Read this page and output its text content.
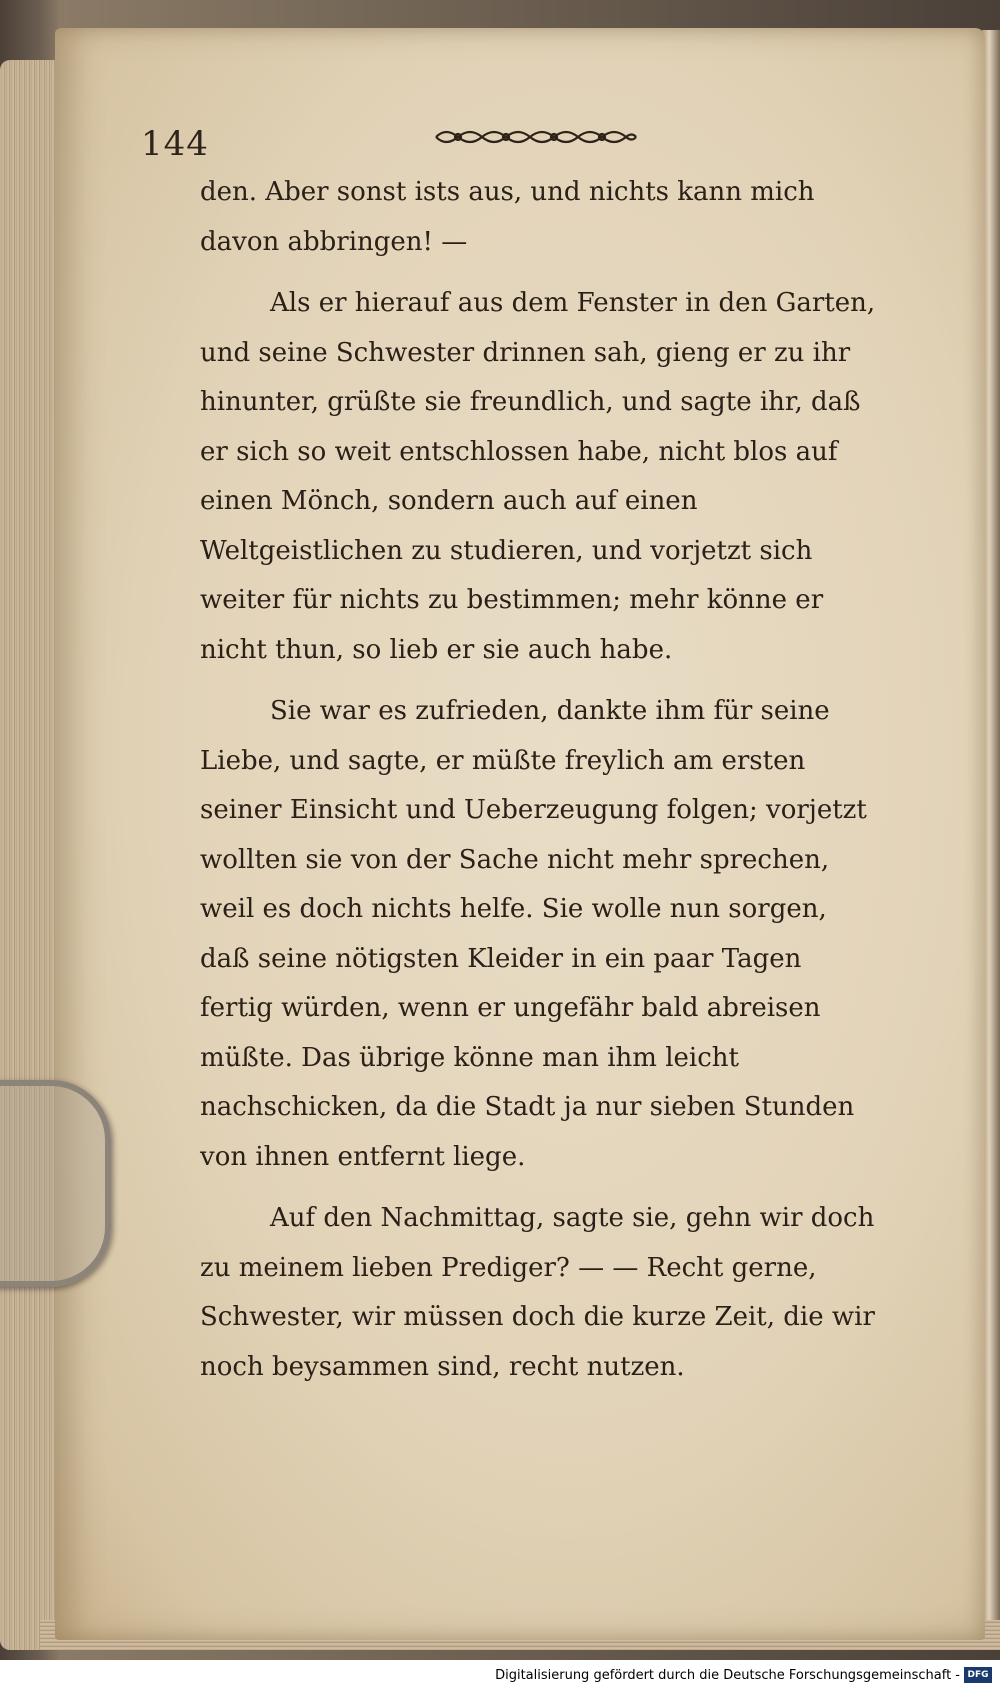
144

den. Aber sonst ists aus, und nichts kann mich davon abbringen! —

Als er hierauf aus dem Fenster in den Garten, und seine Schwester drinnen sah, gieng er zu ihr hinunter, grüßte sie freundlich, und sagte ihr, daß er sich so weit entschlossen habe, nicht blos auf einen Mönch, sondern auch auf einen Weltgeistlichen zu studieren, und vorjetzt sich weiter für nichts zu bestimmen; mehr könne er nicht thun, so lieb er sie auch habe.

Sie war es zufrieden, dankte ihm für seine Liebe, und sagte, er müßte freylich am ersten seiner Einsicht und Ueberzeugung folgen; vorjetzt wollten sie von der Sache nicht mehr sprechen, weil es doch nichts helfe. Sie wolle nun sorgen, daß seine nötigsten Kleider in ein paar Tagen fertig würden, wenn er ungefähr bald abreisen müßte. Das übrige könne man ihm leicht nachschicken, da die Stadt ja nur sieben Stunden von ihnen entfernt liege.

Auf den Nachmittag, sagte sie, gehn wir doch zu meinem lieben Prediger? — — Recht gerne, Schwester, wir müssen doch die kurze Zeit, die wir noch beysammen sind, recht nutzen.

Digitalisierung gefördert durch die Deutsche Forschungsgemeinschaft - DFG
